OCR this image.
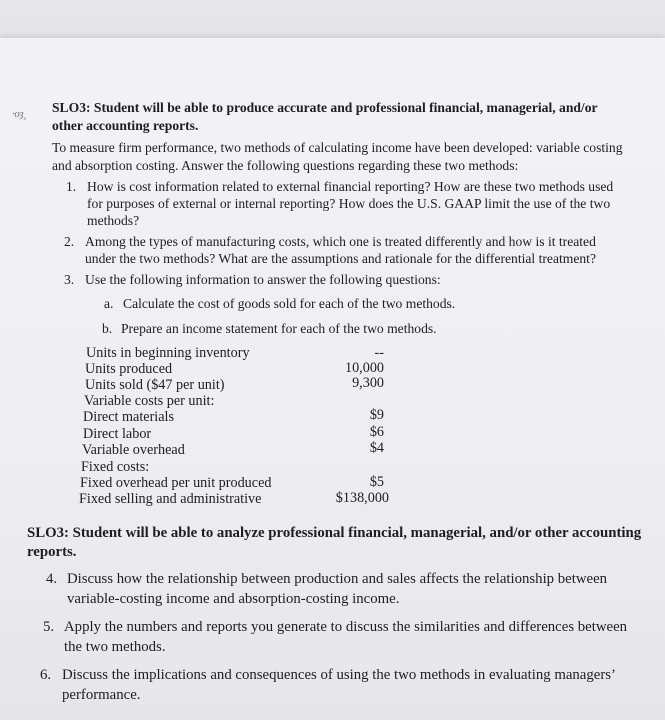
·oȝ¸ SLO3: Student will be able to produce accurate and professional financial, managerial, and/or
other accounting reports.
To measure firm performance, two methods of calculating income have been developed: variable costing
and absorption costing. Answer the following questions regarding these two methods:
1. How is cost information related to external financial reporting? How are these two methods used
for purposes of external or internal reporting? How does the U.S. GAAP limit the use of the two
methods?
2. Among the types of manufacturing costs, which one is treated differently and how is it treated
under the two methods? What are the assumptions and rationale for the differential treatment?
3. Use the following information to answer the following questions:
a. Calculate the cost of goods sold for each of the two methods.
b. Prepare an income statement for each of the two methods.
Units in beginning inventory	--
Units produced	10,000
Units sold ($47 per unit)	9,300
Variable costs per unit:
Direct materials	$9
Direct labor	$6
Variable overhead	$4
Fixed costs:
Fixed overhead per unit produced	$5
Fixed selling and administrative	$138,000
SLO3: Student will be able to analyze professional financial, managerial, and/or other accounting
reports.
4. Discuss how the relationship between production and sales affects the relationship between
variable-costing income and absorption-costing income.
5. Apply the numbers and reports you generate to discuss the similarities and differences between
the two methods.
6. Discuss the implications and consequences of using the two methods in evaluating managers’
performance.
